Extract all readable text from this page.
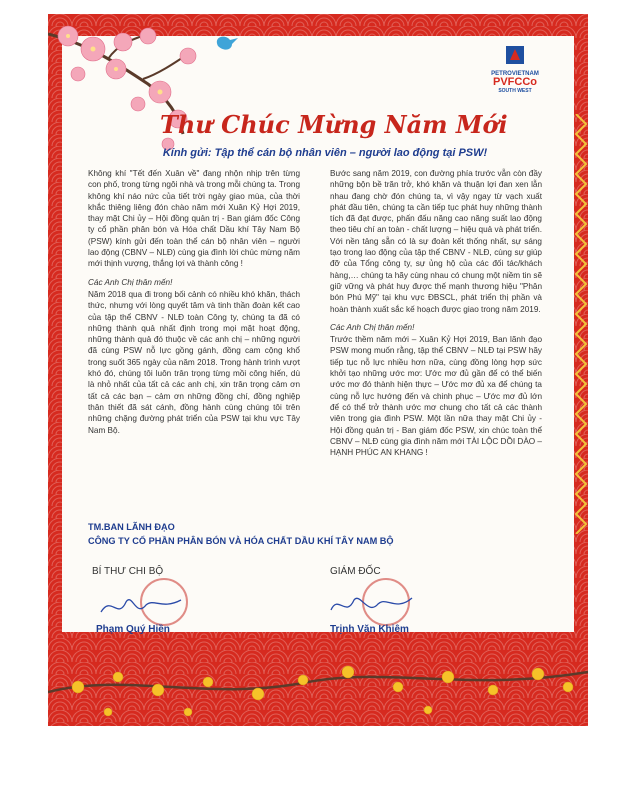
PETROVIETNAM
PVFCCo
SOUTH WEST
Thư Chúc Mừng Năm Mới
Kính gửi: Tập thể cán bộ nhân viên – người lao động tại PSW!

Không khí "Tết đến Xuân về" đang nhộn nhịp trên từng con phố, trong từng ngôi nhà và trong mỗi chúng ta. Trong không khí náo nức của tiết trời ngày giao mùa, của thời khắc thiêng liêng đón chào năm mới Xuân Kỷ Hợi 2019, thay mặt Chi ủy – Hội đồng quản trị - Ban giám đốc Công ty cổ phần phân bón và Hóa chất Dầu khí Tây Nam Bộ (PSW) kính gửi đến toàn thể cán bộ nhân viên – người lao động (CBNV – NLĐ) cùng gia đình lời chúc mừng năm mới thịnh vượng, thắng lợi và thành công !

Các Anh Chị thân mến!

Năm 2018 qua đi trong bối cảnh có nhiều khó khăn, thách thức, nhưng với lòng quyết tâm và tinh thần đoàn kết cao của tập thể CBNV - NLĐ toàn Công ty, chúng ta đã có những thành quả nhất định trong mọi mặt hoạt động, những thành quả đó thuộc về các anh chị – những người đã cùng PSW nỗ lực gồng gánh, đồng cam cộng khổ trong suốt 365 ngày của năm 2018. Trong hành trình vượt khó đó, chúng tôi luôn trân trọng từng mồi công hiến, dù là nhỏ nhất của tất cả các anh chị, xin trân trọng cảm ơn tất cả các bạn – cảm ơn những đồng chí, đồng nghiệp thân thiết đã sát cánh, đồng hành cùng chúng tôi trên những chặng đường phát triển của PSW tại khu vực Tây Nam Bộ.

Bước sang năm 2019, con đường phía trước vẫn còn đầy những bộn bề trăn trở, khó khăn và thuận lợi đan xen lẫn nhau đang chờ đón chúng ta, vì vậy ngay từ vạch xuất phát đầu tiên, chúng ta cần tiếp tục phát huy những thành tích đã đạt được, phấn đấu năng cao năng suất lao động theo tiêu chí an toàn - chất lượng – hiệu quả và phát triển. Với nền tảng sẵn có là sự đoàn kết thống nhất, sự sáng tạo trong lao động của tập thể CBNV - NLĐ, cùng sự giúp đỡ của Tổng công ty, sự ủng hộ của các đối tác/khách hàng,… chúng ta hãy cùng nhau có chung một niềm tin sẽ giữ vững và phát huy được thế mạnh thương hiệu "Phân bón Phú Mỹ" tại khu vực ĐBSCL, phát triển thị phần và hoàn thành xuất sắc kế hoạch được giao trong năm 2019.

Các Anh Chị thân mến!

Trước thềm năm mới – Xuân Kỷ Hợi 2019, Ban lãnh đạo PSW mong muốn rằng, tập thể CBNV – NLĐ tại PSW hãy tiếp tục nỗ lực nhiều hơn nữa, cùng đồng lòng hợp sức khởi tạo những ước mơ: Ước mơ đủ gần để có thể biến ước mơ đó thành hiện thực – Ước mơ đủ xa để chúng ta cùng nỗ lực hướng đến và chinh phục – Ước mơ đủ lớn để có thể trở thành ước mơ chung cho tất cả các thành viên trong gia đình PSW. Một lần nữa thay mặt Chi ủy - Hội đồng quản trị - Ban giám đốc PSW, xin chúc toàn thể CBNV – NLĐ cùng gia đình năm mới TÀI LỘC DỒI DÀO – HẠNH PHÚC AN KHANG !

TM.BAN LÃNH ĐẠO
CÔNG TY CỔ PHẦN PHÂN BÓN VÀ HÓA CHẤT DẦU KHÍ TÂY NAM BỘ
BÍ THƯ CHI BỘ	GIÁM ĐỐC
Phạm Quý Hiền	Trịnh Văn Khiêm
